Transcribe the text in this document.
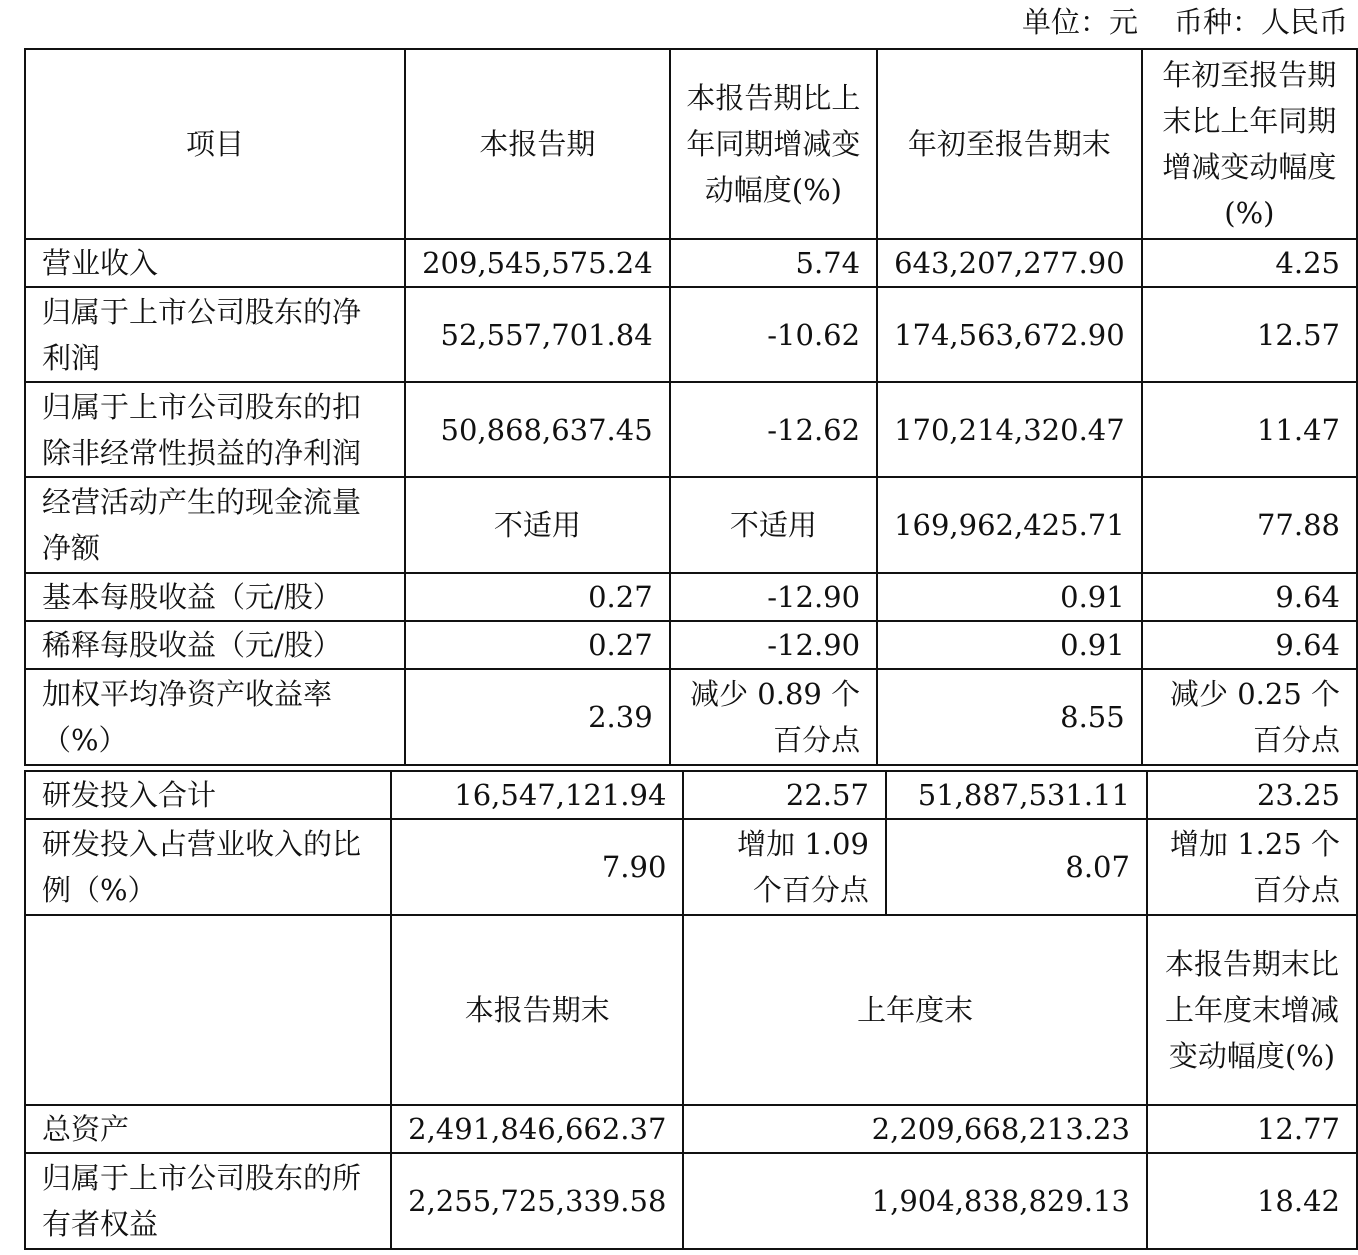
单位：元 币种：人民币
项目	本报告期	本报告期比上年同期增减变动幅度(%)	年初至报告期末	年初至报告期末比上年同期增减变动幅度(%)
营业收入	209,545,575.24	5.74	643,207,277.90	4.25
归属于上市公司股东的净利润	52,557,701.84	-10.62	174,563,672.90	12.57
归属于上市公司股东的扣除非经常性损益的净利润	50,868,637.45	-12.62	170,214,320.47	11.47
经营活动产生的现金流量净额	不适用	不适用	169,962,425.71	77.88
基本每股收益（元/股）	0.27	-12.90	0.91	9.64
稀释每股收益（元/股）	0.27	-12.90	0.91	9.64
加权平均净资产收益率（%）	2.39	减少 0.89 个百分点	8.55	减少 0.25 个百分点
研发投入合计	16,547,121.94	22.57	51,887,531.11	23.25
研发投入占营业收入的比例（%）	7.90	增加 1.09 个百分点	8.07	增加 1.25 个百分点
	本报告期末	上年度末		本报告期末比上年度末增减变动幅度(%)
总资产	2,491,846,662.37	2,209,668,213.23		12.77
归属于上市公司股东的所有者权益	2,255,725,339.58	1,904,838,829.13		18.42
